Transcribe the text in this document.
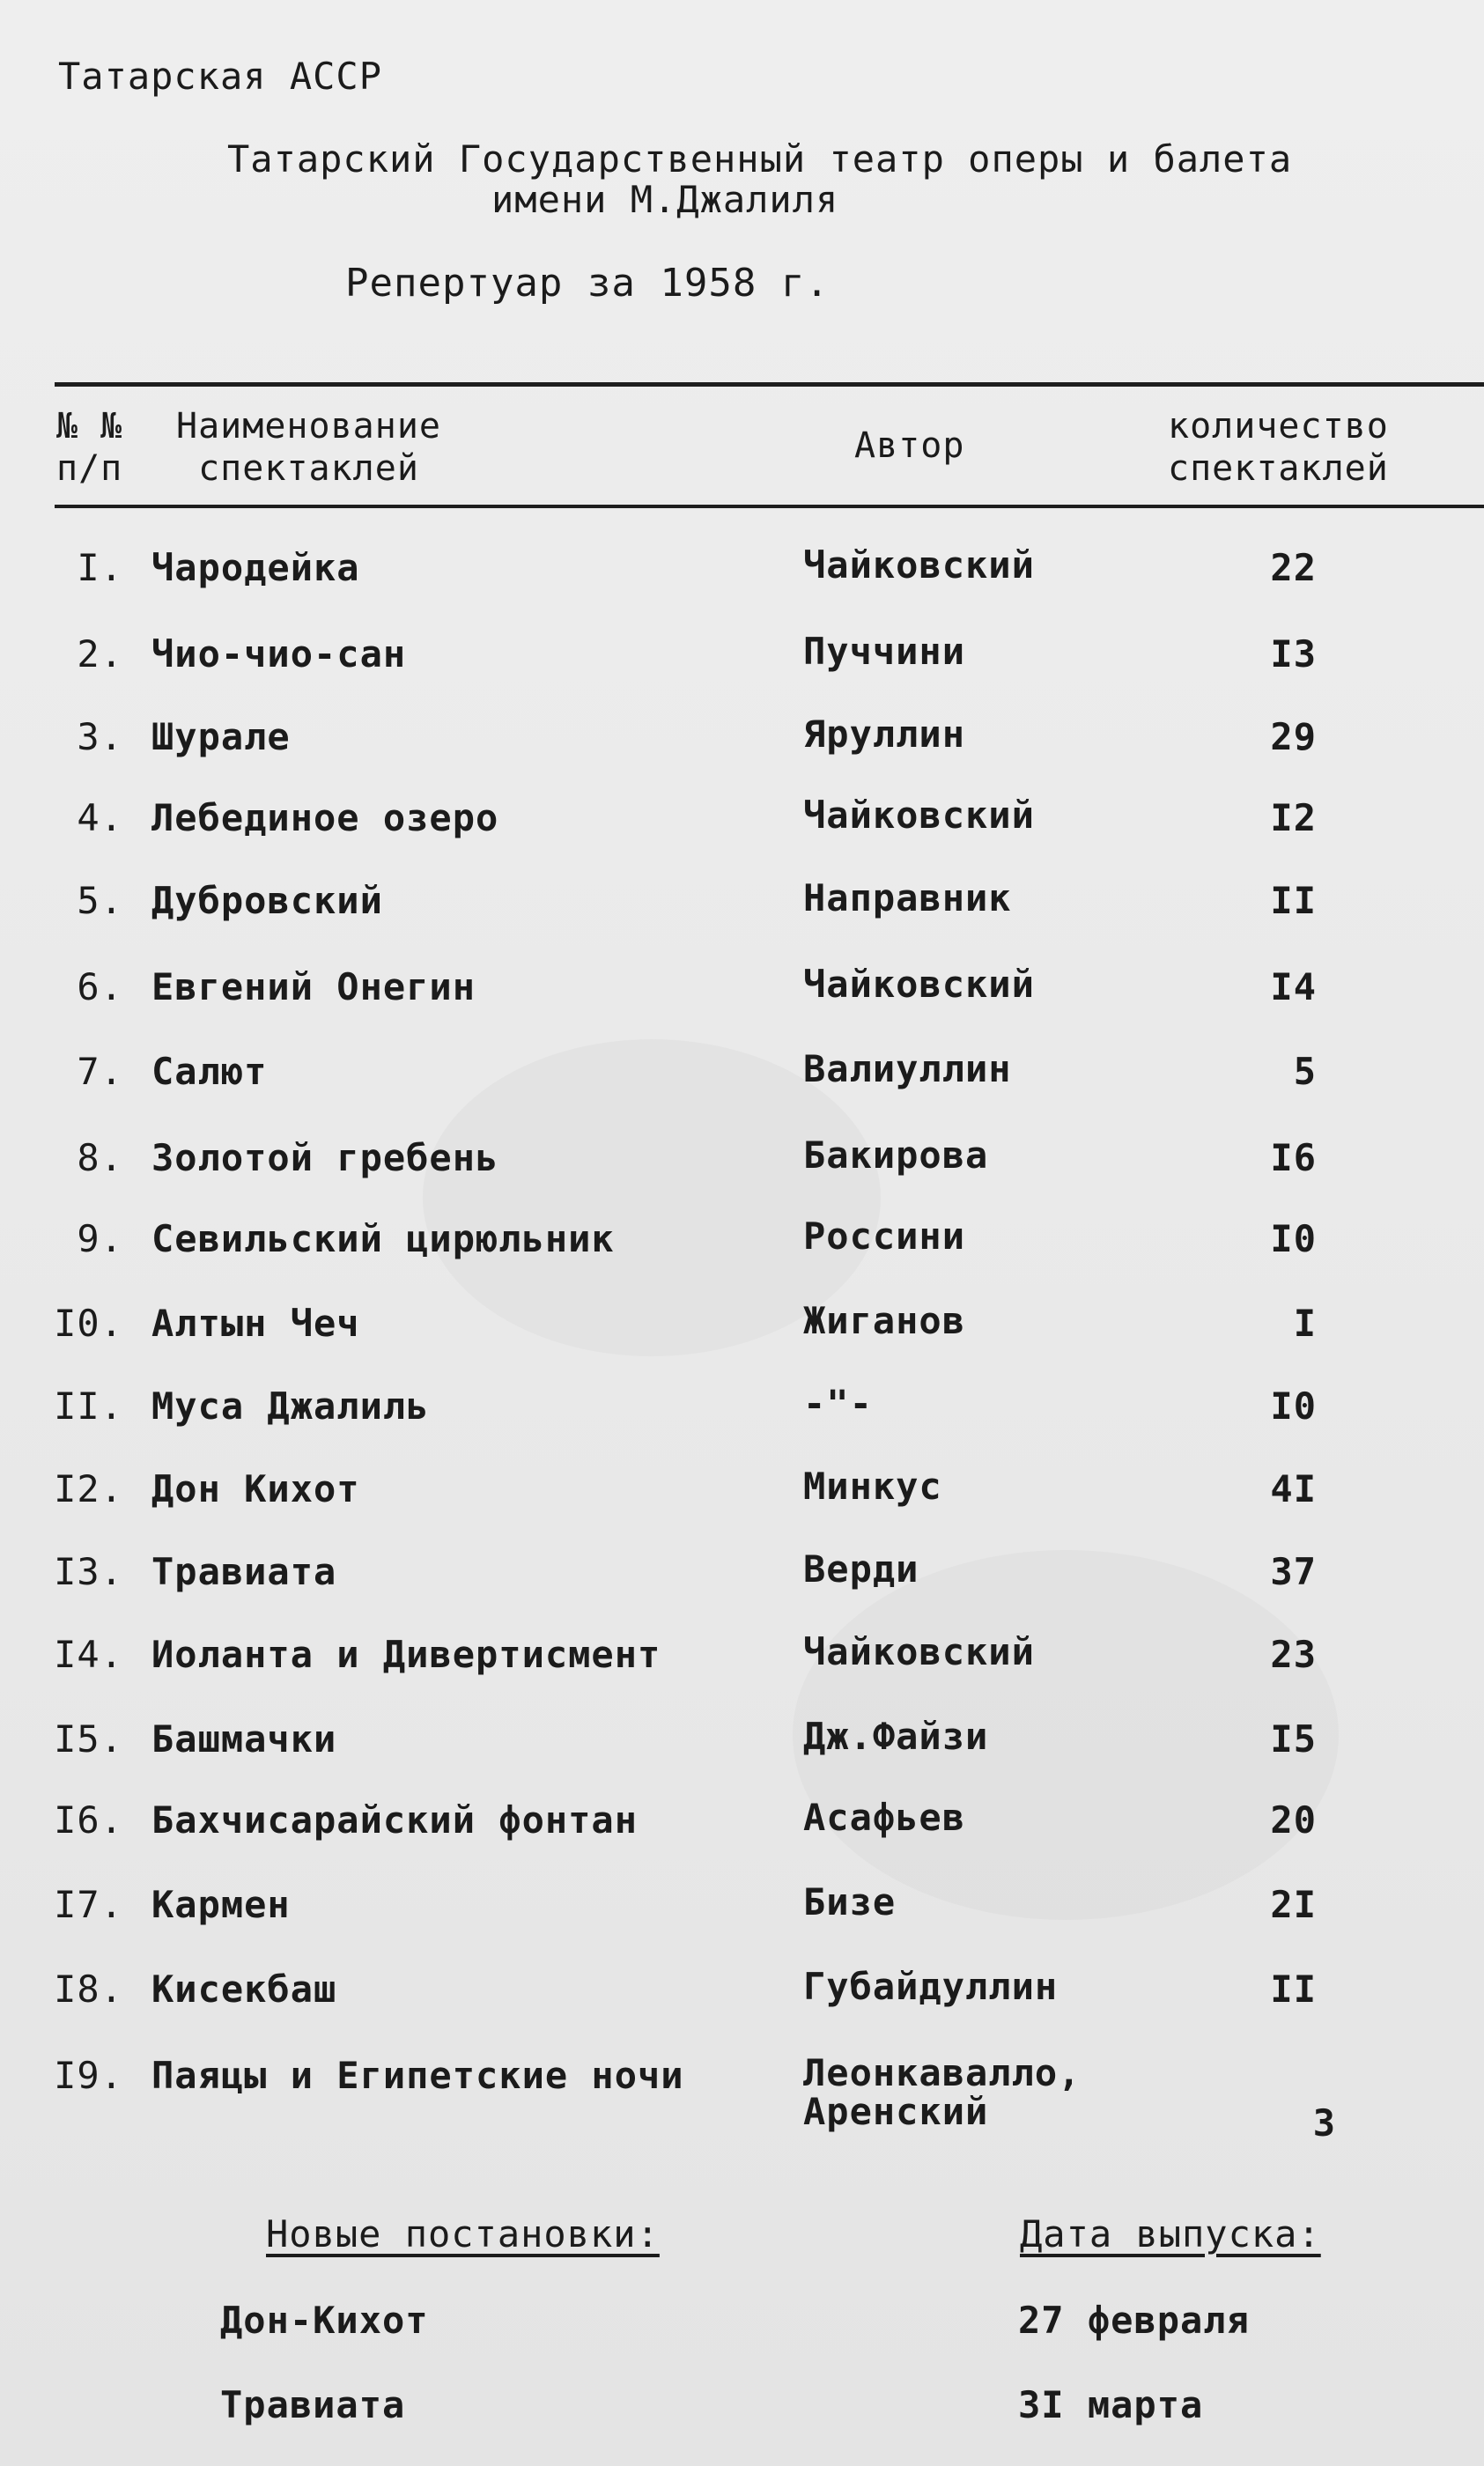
Татарская АССР
Татарский Государственный театр оперы и балета
имени М.Джалиля
Репертуар за 1958 г.
№ №
п/п
Наименование
спектаклей
Автор	количество
спектаклей
I. Чародейка	Чайковский	22
2. Чио-чио-сан	Пуччини	I3
3. Шурале	Яруллин	29
4. Лебединое озеро	Чайковский	I2
5. Дубровский	Направник	II
6. Евгений Онегин	Чайковский	I4
7. Салют	Валиуллин	5
8. Золотой гребень	Бакирова	I6
9. Севильский цирюльник	Россини	I0
I0. Алтын Чеч	Жиганов	I
II. Муса Джалиль	-"-	I0
I2. Дон Кихот	Минкус	4I
I3. Травиата	Верди	37
I4. Иоланта и Дивертисмент	Чайковский	23
I5. Башмачки	Дж.Файзи	I5
I6. Бахчисарайский фонтан	Асафьев	20
I7. Кармен	Бизе	2I
I8. Кисекбаш	Губайдуллин	II
I9. Паяцы и Египетские ночи	Леонкавалло,
Аренский	3
Новые постановки:	Дата выпуска:
Дон-Кихот	27 февраля
Травиата	3I марта
